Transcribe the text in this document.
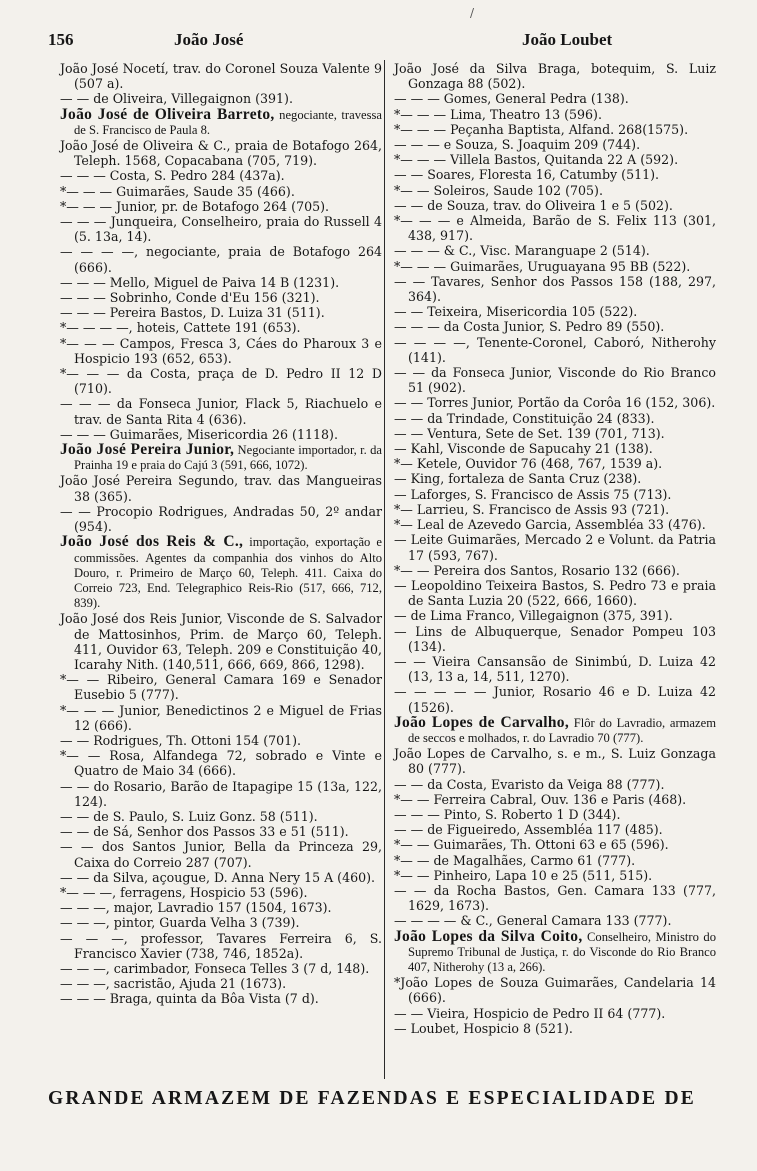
156	João José	João Loubet
/

João José Nocetí, trav. do Coronel Souza Valente 9 (507 a).

— — de Oliveira, Villegaignon (391).

João José de Oliveira Barreto, negociante, travessa de S. Francisco de Paula 8.

João José de Oliveira & C., praia de Botafogo 264, Teleph. 1568, Copacabana (705, 719).

— — — Costa, S. Pedro 284 (437a).

*— — — Guimarães, Saude 35 (466).

*— — — Junior, pr. de Botafogo 264 (705).

— — — Junqueira, Conselheiro, praia do Russell 4 (5. 13a, 14).

— — — —, negociante, praia de Botafogo 264 (666).

— — — Mello, Miguel de Paiva 14 B (1231).

— — — Sobrinho, Conde d'Eu 156 (321).

— — — Pereira Bastos, D. Luiza 31 (511).

*— — — —, hoteis, Cattete 191 (653).

*— — — Campos, Fresca 3, Cáes do Pharoux 3 e Hospicio 193 (652, 653).

*— — — da Costa, praça de D. Pedro II 12 D (710).

— — — da Fonseca Junior, Flack 5, Riachuelo e trav. de Santa Rita 4 (636).

— — — Guimarães, Misericordia 26 (1118).

João José Pereira Junior, Negociante importador, r. da Prainha 19 e praia do Cajú 3 (591, 666, 1072).

João José Pereira Segundo, trav. das Mangueiras 38 (365).

— — Procopio Rodrigues, Andradas 50, 2º andar (954).

João José dos Reis & C., importação, exportação e commissões. Agentes da companhia dos vinhos do Alto Douro, r. Primeiro de Março 60, Teleph. 411. Caixa do Correio 723, End. Telegraphico Reis-Rio (517, 666, 712, 839).

João José dos Reis Junior, Visconde de S. Salvador de Mattosinhos, Prim. de Março 60, Teleph. 411, Ouvidor 63, Teleph. 209 e Constituição 40, Icarahy Nith. (140,511, 666, 669, 866, 1298).

*— — Ribeiro, General Camara 169 e Senador Eusebio 5 (777).

*— — — Junior, Benedictinos 2 e Miguel de Frias 12 (666).

— — Rodrigues, Th. Ottoni 154 (701).

*— — Rosa, Alfandega 72, sobrado e Vinte e Quatro de Maio 34 (666).

— — do Rosario, Barão de Itapagipe 15 (13a, 122, 124).

— — de S. Paulo, S. Luiz Gonz. 58 (511).

— — de Sá, Senhor dos Passos 33 e 51 (511).

— — dos Santos Junior, Bella da Princeza 29, Caixa do Correio 287 (707).

— — da Silva, açougue, D. Anna Nery 15 A (460).

*— — —, ferragens, Hospicio 53 (596).

— — —, major, Lavradio 157 (1504, 1673).

— — —, pintor, Guarda Velha 3 (739).

— — —, professor, Tavares Ferreira 6, S. Francisco Xavier (738, 746, 1852a).

— — —, carimbador, Fonseca Telles 3 (7 d, 148).

— — —, sacristão, Ajuda 21 (1673).

— — — Braga, quinta da Bôa Vista (7 d).

João José da Silva Braga, botequim, S. Luiz Gonzaga 88 (502).

— — — Gomes, General Pedra (138).

*— — — Lima, Theatro 13 (596).

*— — — Peçanha Baptista, Alfand. 268(1575).

— — — e Souza, S. Joaquim 209 (744).

*— — — Villela Bastos, Quitanda 22 A (592).

— — Soares, Floresta 16, Catumby (511).

*— — Soleiros, Saude 102 (705).

— — de Souza, trav. do Oliveira 1 e 5 (502).

*— — — e Almeida, Barão de S. Felix 113 (301, 438, 917).

— — — & C., Visc. Maranguape 2 (514).

*— — — Guimarães, Uruguayana 95 BB (522).

— — Tavares, Senhor dos Passos 158 (188, 297, 364).

— — Teixeira, Misericordia 105 (522).

— — — da Costa Junior, S. Pedro 89 (550).

— — — —, Tenente-Coronel, Caboró, Nitherohy (141).

— — da Fonseca Junior, Visconde do Rio Branco 51 (902).

— — Torres Junior, Portão da Corôa 16 (152, 306).

— — da Trindade, Constituição 24 (833).

— — Ventura, Sete de Set. 139 (701, 713).

— Kahl, Visconde de Sapucahy 21 (138).

*— Ketele, Ouvidor 76 (468, 767, 1539 a).

— King, fortaleza de Santa Cruz (238).

— Laforges, S. Francisco de Assis 75 (713).

*— Larrieu, S. Francisco de Assis 93 (721).

*— Leal de Azevedo Garcia, Assembléa 33 (476).

— Leite Guimarães, Mercado 2 e Volunt. da Patria 17 (593, 767).

*— — Pereira dos Santos, Rosario 132 (666).

— Leopoldino Teixeira Bastos, S. Pedro 73 e praia de Santa Luzia 20 (522, 666, 1660).

— de Lima Franco, Villegaignon (375, 391).

— Lins de Albuquerque, Senador Pompeu 103 (134).

— — Vieira Cansansão de Sinimbú, D. Luiza 42 (13, 13 a, 14, 511, 1270).

— — — — — Junior, Rosario 46 e D. Luiza 42 (1526).

João Lopes de Carvalho, Flôr do Lavradio, armazem de seccos e molhados, r. do Lavradio 70 (777).

João Lopes de Carvalho, s. e m., S. Luiz Gonzaga 80 (777).

— — da Costa, Evaristo da Veiga 88 (777).

*— — Ferreira Cabral, Ouv. 136 e Paris (468).

— — — Pinto, S. Roberto 1 D (344).

— — de Figueiredo, Assembléa 117 (485).

*— — Guimarães, Th. Ottoni 63 e 65 (596).

*— — de Magalhães, Carmo 61 (777).

*— — Pinheiro, Lapa 10 e 25 (511, 515).

— — da Rocha Bastos, Gen. Camara 133 (777, 1629, 1673).

— — — — & C., General Camara 133 (777).

João Lopes da Silva Coito, Conselheiro, Ministro do Supremo Tribunal de Justiça, r. do Visconde do Rio Branco 407, Nitherohy (13 a, 266).

*João Lopes de Souza Guimarães, Candelaria 14 (666).

— — Vieira, Hospicio de Pedro II 64 (777).

— Loubet, Hospicio 8 (521).

GRANDE ARMAZEM DE FAZENDAS E ESPECIALIDADE DE
